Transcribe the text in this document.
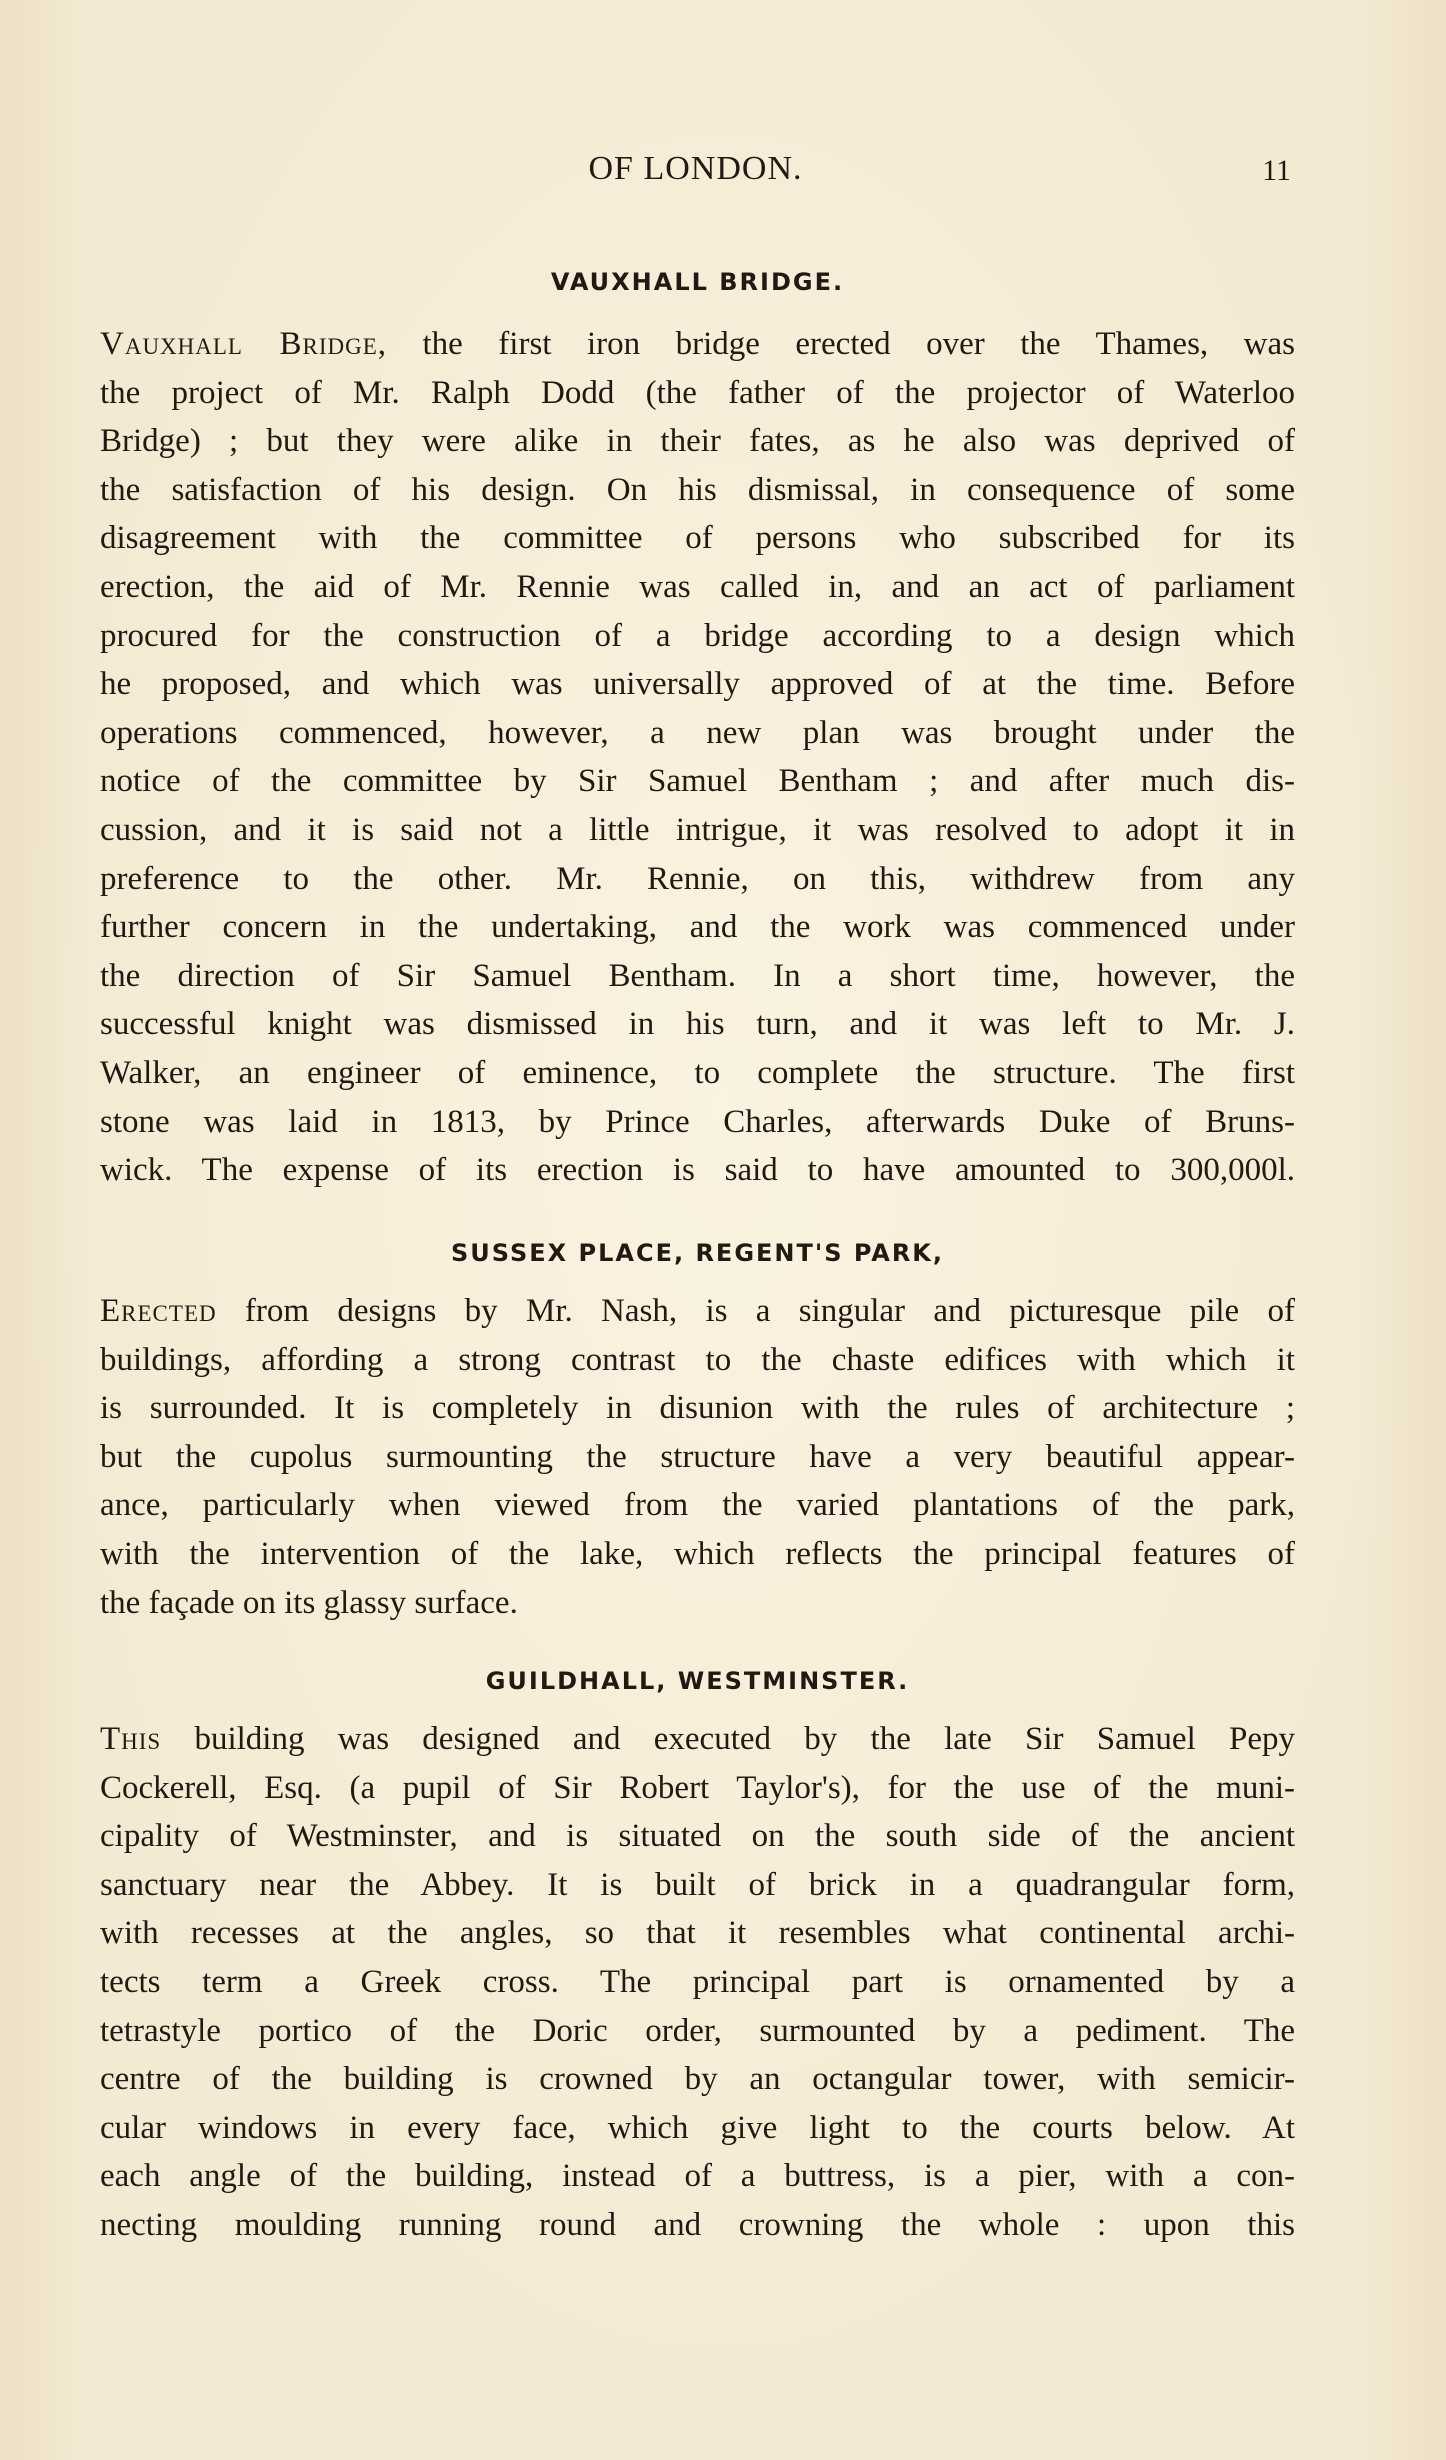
OF LONDON.	11
VAUXHALL BRIDGE.
Vauxhall Bridge, the first iron bridge erected over the Thames, was
the project of Mr. Ralph Dodd (the father of the projector of Waterloo
Bridge) ; but they were alike in their fates, as he also was deprived of
the satisfaction of his design. On his dismissal, in consequence of some
disagreement with the committee of persons who subscribed for its
erection, the aid of Mr. Rennie was called in, and an act of parliament
procured for the construction of a bridge according to a design which
he proposed, and which was universally approved of at the time. Before
operations commenced, however, a new plan was brought under the
notice of the committee by Sir Samuel Bentham ; and after much dis-
cussion, and it is said not a little intrigue, it was resolved to adopt it in
preference to the other. Mr. Rennie, on this, withdrew from any
further concern in the undertaking, and the work was commenced under
the direction of Sir Samuel Bentham. In a short time, however, the
successful knight was dismissed in his turn, and it was left to Mr. J.
Walker, an engineer of eminence, to complete the structure. The first
stone was laid in 1813, by Prince Charles, afterwards Duke of Bruns-
wick. The expense of its erection is said to have amounted to 300,000l.
SUSSEX PLACE, REGENT'S PARK,
Erected from designs by Mr. Nash, is a singular and picturesque pile of
buildings, affording a strong contrast to the chaste edifices with which it
is surrounded. It is completely in disunion with the rules of architecture ;
but the cupolus surmounting the structure have a very beautiful appear-
ance, particularly when viewed from the varied plantations of the park,
with the intervention of the lake, which reflects the principal features of
the façade on its glassy surface.
GUILDHALL, WESTMINSTER.
This building was designed and executed by the late Sir Samuel Pepy
Cockerell, Esq. (a pupil of Sir Robert Taylor's), for the use of the muni-
cipality of Westminster, and is situated on the south side of the ancient
sanctuary near the Abbey. It is built of brick in a quadrangular form,
with recesses at the angles, so that it resembles what continental archi-
tects term a Greek cross. The principal part is ornamented by a
tetrastyle portico of the Doric order, surmounted by a pediment. The
centre of the building is crowned by an octangular tower, with semicir-
cular windows in every face, which give light to the courts below. At
each angle of the building, instead of a buttress, is a pier, with a con-
necting moulding running round and crowning the whole : upon this
